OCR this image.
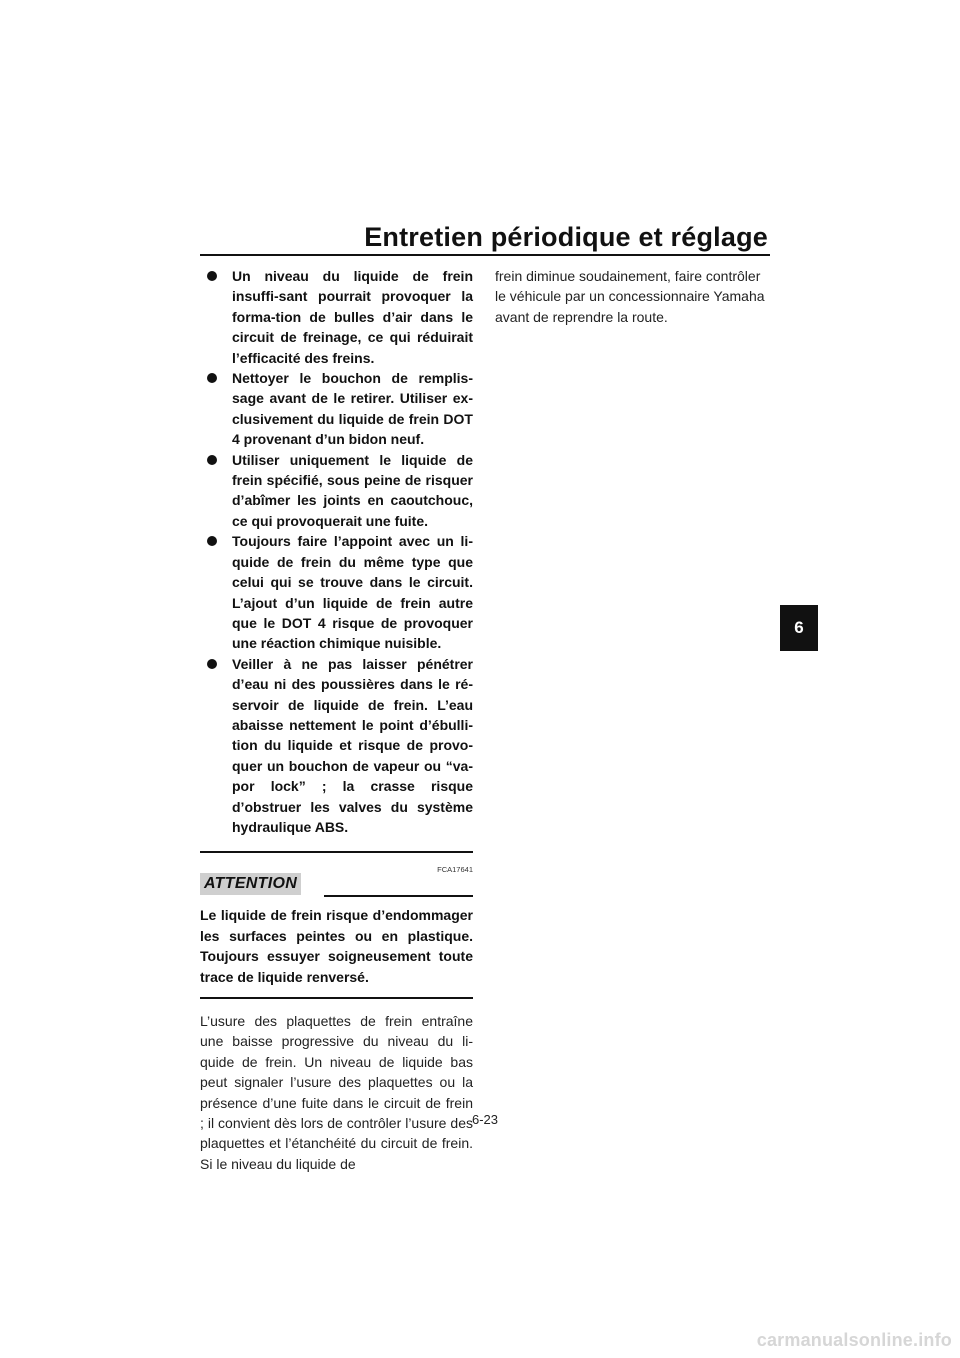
Entretien périodique et réglage
6
Un niveau du liquide de frein insuffi-sant pourrait provoquer la forma-tion de bulles d’air dans le circuit de freinage, ce qui réduirait l’efficacité des freins.
Nettoyer le bouchon de remplis-sage avant de le retirer. Utiliser ex-clusivement du liquide de frein DOT 4 provenant d’un bidon neuf.
Utiliser uniquement le liquide de frein spécifié, sous peine de risquer d’abîmer les joints en caoutchouc, ce qui provoquerait une fuite.
Toujours faire l’appoint avec un li-quide de frein du même type que celui qui se trouve dans le circuit. L’ajout d’un liquide de frein autre que le DOT 4 risque de provoquer une réaction chimique nuisible.
Veiller à ne pas laisser pénétrer d’eau ni des poussières dans le ré-servoir de liquide de frein. L’eau abaisse nettement le point d’ébulli-tion du liquide et risque de provo-quer un bouchon de vapeur ou “va-por lock” ; la crasse risque d’obstruer les valves du système hydraulique ABS.
FCA17641
ATTENTION
Le liquide de frein risque d’endommager les surfaces peintes ou en plastique. Toujours essuyer soigneusement toute trace de liquide renversé.

L’usure des plaquettes de frein entraîne une baisse progressive du niveau du li-quide de frein. Un niveau de liquide bas peut signaler l’usure des plaquettes ou la présence d’une fuite dans le circuit de frein ; il convient dès lors de contrôler l’usure des plaquettes et l’étanchéité du circuit de frein. Si le niveau du liquide de

frein diminue soudainement, faire contrôler le véhicule par un concessionnaire Yamaha avant de reprendre la route.

6-23
carmanualsonline.info
